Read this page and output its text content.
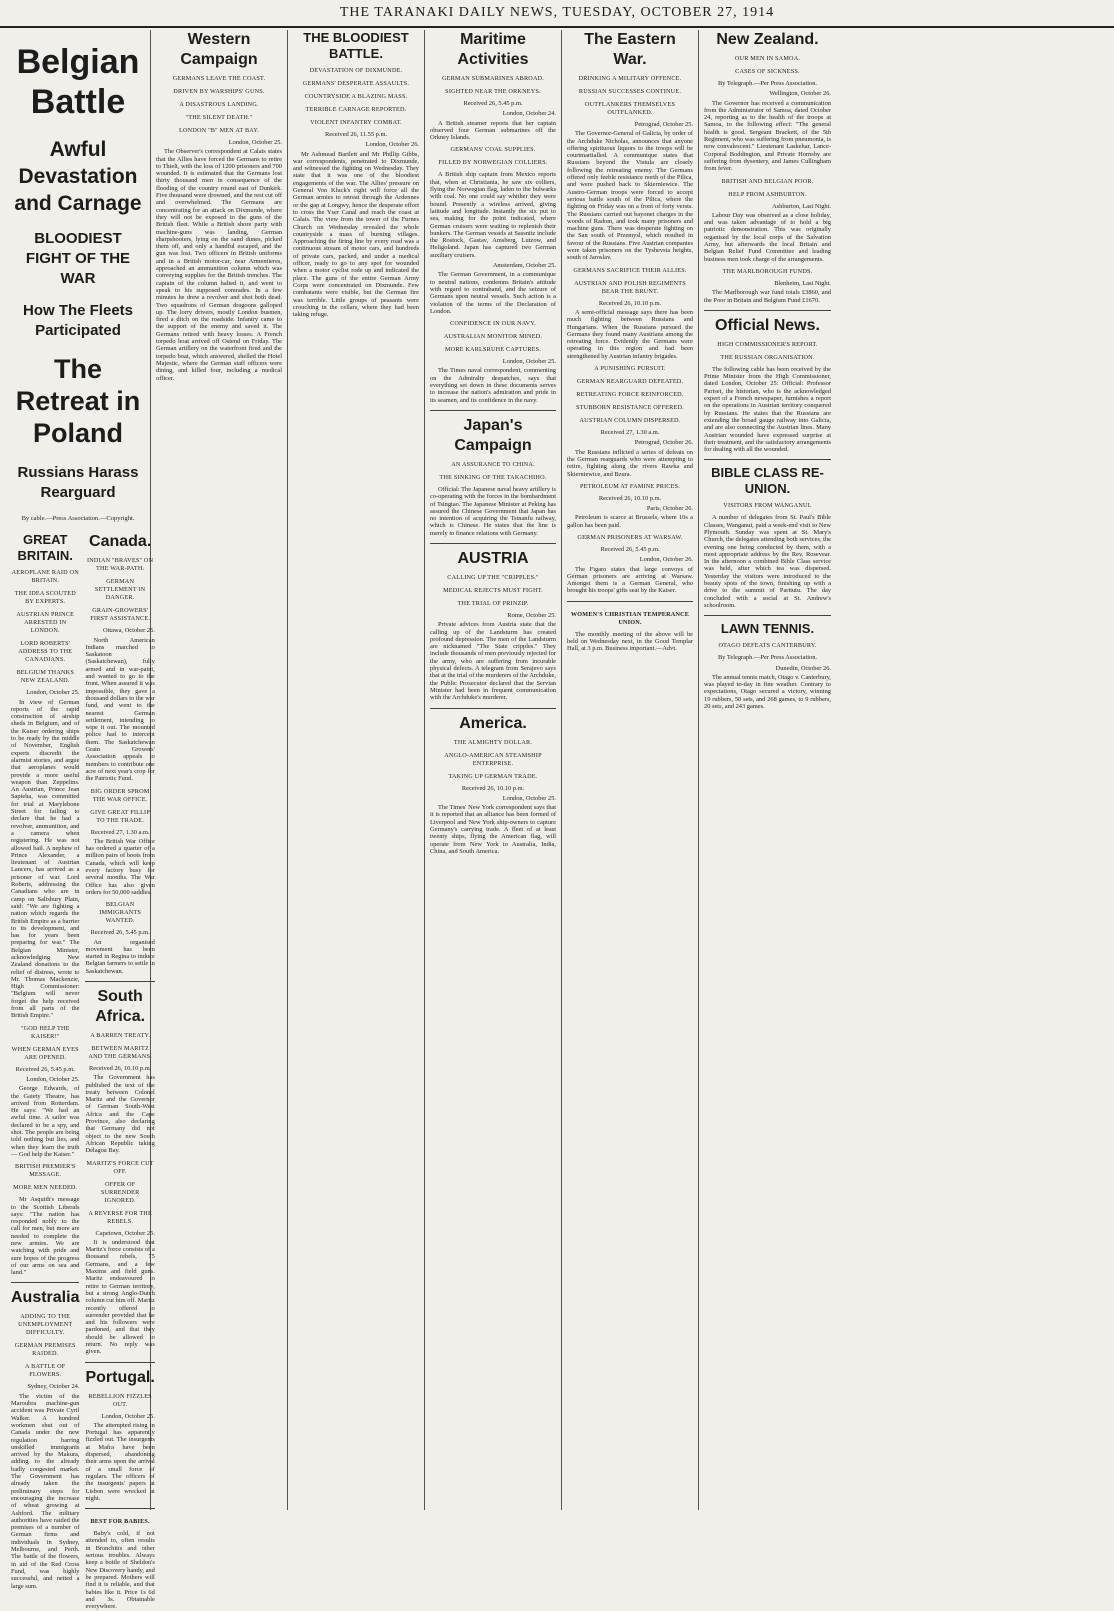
THE TARANAKI DAILY NEWS, TUESDAY, OCTOBER 27, 1914
Belgian Battle
Awful Devastation and Carnage
BLOODIEST FIGHT OF THE WAR
How The Fleets Participated
The Retreat in Poland
Russians Harass Rearguard
By cable.—Press Association.—Copyright.
GREAT BRITAIN.
AEROPLANE RAID ON BRITAIN.
THE IDEA SCOUTED BY EXPERTS.
AUSTRIAN PRINCE ARRESTED IN LONDON.
LORD ROBERTS' ADDRESS TO THE CANADIANS.
BELGIUM THANKS NEW ZEALAND.
London, October 25.

In view of German reports of the rapid construction of airship sheds in Belgium, and of the Kaiser ordering ships to be ready by the middle of November, English experts discredit the alarmist stories, and argue that aeroplanes would provide a more useful weapon than Zeppelins. An Austrian, Prince Jean Sapieha, was committed for trial at Marylebone Street for failing to declare that he had a revolver, ammunition, and a camera when registering. He was not allowed bail. A nephew of Prince Alexander, a lieutenant of Austrian Lancers, has arrived as a prisoner of war. Lord Roberts, addressing the Canadians who are in camp on Salisbury Plain, said: "We are fighting a nation which regards the British Empire as a barrier to its development, and has for years been preparing for war." The Belgian Minister, acknowledging New Zealand donations to the relief of distress, wrote to Mr. Thomas Mackenzie, High Commissioner: "Belgium will never forget the help received from all parts of the British Empire."

"GOD HELP THE KAISER!"
WHEN GERMAN EYES ARE OPENED.
Received 26, 5.45 p.m.
London, October 25.

George Edwards, of the Gaiety Theatre, has arrived from Rotterdam. He says: "We had an awful time. A sailor was declared to be a spy, and shot. The people are being told nothing but lies, and when they learn the truth — God help the Kaiser."

BRITISH PREMIER'S MESSAGE.
MORE MEN NEEDED.

Mr Asquith's message to the Scottish Liberals says: "The nation has responded nobly to the call for men, but more are needed to complete the new armies. We are watching with pride and sure hopes of the progress of our arms on sea and land."

Australia
ADDING TO THE UNEMPLOYMENT DIFFICULTY.
GERMAN PREMISES RAIDED.
A BATTLE OF FLOWERS.
Sydney, October 24.

The victim of the Maroubra machine-gun accident was Private Cyril Walker. A hundred workmen shut out of Canada under the new regulation barring unskilled immigrants arrived by the Makura, adding to the already badly congested market. The Government has already taken the preliminary steps for encouraging the increase of wheat growing at Ashford. The military authorities have raided the premises of a number of German firms and individuals in Sydney, Melbourne, and Perth. The battle of the flowers, in aid of the Red Cross Fund, was highly successful, and netted a large sum.

Canada.
INDIAN "BRAVES" ON THE WAR-PATH.
GERMAN SETTLEMENT IN DANGER.
GRAIN-GROWERS' FIRST ASSISTANCE.
Ottawa, October 25.

North American Indians marched to Saskatoon (Saskatchewan), fully armed and in war-paint, and wanted to go to the front. When assured it was impossible, they gave a thousand dollars to the war fund, and went to the nearest German settlement, intending to wipe it out. The mounted police had to intercept them. The Saskatchewan Grain Growers' Association appeals to members to contribute one acre of next year's crop for the Patriotic Fund.

BIG ORDER SPROM THE WAR OFFICE.
GIVE GREAT FILLIP TO THE TRADE.
Received 27, 1.30 a.m.

The British War Office has ordered a quarter of a million pairs of boots from Canada, which will keep every factory busy for several months. The War Office has also given orders for 50,000 saddles.

BELGIAN IMMIGRANTS WANTED.
Received 26, 5.45 p.m.

An organised movement has been started in Regina to induce Belgian farmers to settle in Saskatchewan.

South Africa.
A BARREN TREATY.
BETWEEN MARITZ AND THE GERMANS.
Received 26, 10.10 p.m.

The Government has published the text of the treaty between Colonel Maritz and the Governor of German South-West Africa and the Cape Province, also declaring that Germany did not object to the new South African Republic taking Delagoa Bay.

MARITZ'S FORCE CUT OFF.
OFFER OF SURRENDER IGNORED.
A REVERSE FOR THE REBELS.
Capetown, October 25.

It is understood that Maritz's force consists of a thousand rebels, 75 Germans, and a few Maxims and field guns. Maritz endeavoured to retire to German territory, but a strong Anglo-Dutch column cut him off. Maritz recently offered to surrender provided that he and his followers were pardoned, and that they should be allowed to return. No reply was given.

Portugal.
REBELLION FIZZLES OUT.
London, October 25.

The attempted rising in Portugal has apparently fizzled out. The insurgents at Mafra have been dispersed, abandoning their arms upon the arrival of a small force of regulars. The officers of the insurgents' papers at Lisbon were wrecked at night.

BEST FOR BABIES.

Baby's cold, if not attended to, often results in Bronchitis and other serious troubles. Always keep a bottle of Sheldon's New Discovery handy, and be prepared. Mothers will find it is reliable, and that babies like it. Price 1s 6d and 3s. Obtainable everywhere.

Western Campaign
GERMANS LEAVE THE COAST.
DRIVEN BY WARSHIPS' GUNS.
A DISASTROUS LANDING.
"THE SILENT DEATH."
LONDON "B" MEN AT BAY.
London, October 25.

The Observer's correspondent at Calais states that the Allies have forced the Germans to retire to Thielt, with the loss of 1200 prisoners and 700 wounded. It is estimated that the Germans lost thirty thousand men in consequence of the flooding of the country round east of Dunkirk. Five thousand were drowned, and the rest cut off and overwhelmed. The Germans are concentrating for an attack on Dixmunde, where they will not be exposed to the guns of the British fleet. While a British shore party with machine-guns was landing, German sharpshooters, lying on the sand dunes, picked them off, and only a handful escaped, and the gun was lost. Two officers in British uniforms and in a British motor-car, near Armentieres, approached an ammunition column which was conveying supplies for the British trenches. The captain of the column halted it, and went to speak to his supposed comrades. In a few minutes he drew a revolver and shot both dead. Two squadrons of German dragoons galloped up. The lorry drivers, mostly London busmen, fired a ditch on the roadside. Infantry came to the support of the enemy and saved it. The Germans retired with heavy losses. A French torpedo boat arrived off Ostend on Friday. The German artillery on the waterfront fired and the torpedo boat, which answered, shelled the Hotel Majestic, where the German staff officers were dining, and killed four, including a medical officer.

THE BLOODIEST BATTLE.
DEVASTATION OF DIXMUNDE.
GERMANS' DESPERATE ASSAULTS.
COUNTRYSIDE A BLAZING MASS.
TERRIBLE CARNAGE REPORTED.
VIOLENT INFANTRY COMBAT.
Received 26, 11.55 p.m.
London, October 26.

Mr Ashmead Bartlett and Mr Phillip Gibbs, war correspondents, penetrated to Dixmunde, and witnessed the fighting on Wednesday. They state that it was one of the bloodiest engagements of the war. The Allies' pressure on General Von Kluck's right will force all the German armies to retreat through the Ardennes or the gap at Longwy, hence the desperate effort to cross the Yser Canal and reach the coast at Calais. The view from the tower of the Furnes Church on Wednesday revealed the whole countryside a mass of burning villages. Approaching the firing line by every road was a continuous stream of motor cars, and hundreds of private cars, packed, and under a medical officer, ready to go to any spot for wounded when a motor cyclist rode up and indicated the place. The guns of the entire German Army Corps were concentrated on Dixmunde. Few combatants were visible, but the German fire was terrible. Little groups of peasants were crouching in the cellars, where they had been taking refuge.

Maritime Activities
GERMAN SUBMARINES ABROAD.
SIGHTED NEAR THE ORKNEYS.
Received 26, 5.45 p.m.
London, October 24.

A British steamer reports that her captain observed four German submarines off the Orkney Islands.

GERMANS' COAL SUPPLIES.
FILLED BY NORWEGIAN COLLIERS.

A British ship captain from Mexico reports that, when at Christiania, he saw six colliers, flying the Norwegian flag, laden to the bulwarks with coal. No one could say whither they were bound. Presently a wireless arrived, giving latitude and longitude. Instantly the six put to sea, making for the point indicated, where German cruisers were waiting to replenish their bunkers. The German vessels at Sassnitz include the Rostock, Gastav, Amsberg, Lutzow, and Heligoland. Japan has captured two German auxiliary cruisers.

Amsterdam, October 25.

The German Government, in a communique to neutral nations, condemns Britain's attitude with regard to contraband, and the seizure of Germans upon neutral vessels. Such action is a violation of the terms of the Declaration of London.

CONFIDENCE IN OUR NAVY.
AUSTRALIAN MONITOR MINED.
MORE KARLSRUHE CAPTURES.
London, October 25.

The Times naval correspondent, commenting on the Admiralty despatches, says that everything set down in these documents serves to increase the nation's admiration and pride in its seamen, and its confidence in the navy.

Japan's Campaign
AN ASSURANCE TO CHINA.
THE SINKING OF THE TAKACHIHO.

Official: The Japanese naval heavy artillery is co-operating with the forces in the bombardment of Tsingtao. The Japanese Minister at Peking has assured the Chinese Government that Japan has no intention of acquiring the Tsinanfu railway, which is Chinese. He states that the line is merely to finance relations with Germany.

AUSTRIA
CALLING UP THE "CRIPPLES."
MEDICAL REJECTS MUST FIGHT.
THE TRIAL OF PRINZIP.
Rome, October 25.

Private advices from Austria state that the calling up of the Landsturm has created profound depression. The men of the Landsturm are nicknamed "The State cripples." They include thousands of men previously rejected for the army, who are suffering from incurable physical defects. A telegram from Serajevo says that at the trial of the murderers of the Archduke, the Public Prosecutor declared that the Servian Minister had been in frequent communication with the Archduke's murderer.

America.
THE ALMIGHTY DOLLAR.
ANGLO-AMERICAN STEAMSHIP ENTERPRISE.
TAKING UP GERMAN TRADE.
Received 26, 10.10 p.m.
London, October 25.

The Times' New York correspondent says that it is reported that an alliance has been formed of Liverpool and New York ship-owners to capture Germany's carrying trade. A fleet of at least twenty ships, flying the American flag, will operate from New York to Australia, India, China, and South America.

The Eastern War.
DRINKING A MILITARY OFFENCE.
RUSSIAN SUCCESSES CONTINUE.
OUTFLANKERS THEMSELVES OUTFLANKED.
Petrograd, October 25.

The Governor-General of Galicia, by order of the Archduke Nicholas, announces that anyone offering spirituous liquors to the troops will be courtmartialled. A communique states that Russians beyond the Vistula are closely following the retreating enemy. The Germans offered only feeble resistance north of the Pilica, and were pushed back to Skierniewice. The Austro-German troops were forced to accept serious battle south of the Pilica, where the fighting on Friday was on a front of forty versts. The Russians carried out bayonet charges in the woods of Radom, and took many prisoners and machine guns. There was desperate fighting on the San south of Przemysl, which resulted in favour of the Russians. Five Austrian companies were taken prisoners on the Tyshevsta heights, south of Jaroslav.

GERMANS SACRIFICE THEIR ALLIES.
AUSTRIAN AND POLISH REGIMENTS BEAR THE BRUNT.
Received 26, 10.10 p.m.

A semi-official message says there has been much fighting between Russians and Hungarians. When the Russians pursued the Germans they found many Austrians among the retreating force. Evidently the Germans were operating in this region and had been strengthened by Austrian infantry brigades.

A PUNISHING PURSUIT.
GERMAN REARGUARD DEFEATED.
RETREATING FORCE REINFORCED.
STUBBORN RESISTANCE OFFERED.
AUSTRIAN COLUMN DISPERSED.
Received 27, 1.30 a.m.
Petrograd, October 26.

The Russians inflicted a series of defeats on the German rearguards who were attempting to retire, fighting along the rivers Rawka and Skierniewice, and Bzura.

PETROLEUM AT FAMINE PRICES.
Received 26, 10.10 p.m.
Paris, October 26.

Petroleum is scarce at Brussels, where 10s a gallon has been paid.

GERMAN PRISONERS AT WARSAW.
Received 26, 5.45 p.m.
London, October 26.

The Figaro states that large convoys of German prisoners are arriving at Warsaw. Amongst them is a German General, who brought his troops' gifts seat by the Kaiser.

WOMEN'S CHRISTIAN TEMPERANCE UNION.

The monthly meeting of the above will be held on Wednesday next, in the Good Templar Hall, at 3 p.m. Business important.—Advt.

New Zealand.
OUR MEN IN SAMOA.
CASES OF SICKNESS.
By Telegraph.—Per Press Association.
Wellington, October 26.

The Governor has received a communication from the Administrator of Samoa, dated October 24, reporting as to the health of the troops at Samoa, to the following effect: "The general health is good. Sergeant Brackett, of the 5th Regiment, who was suffering from pneumonia, is now convalescent." Lieutenant Laskehar, Lance-Corporal Boddington, and Private Hornsby are suffering from dysentery, and James Cullingham from fever.

BRITISH AND BELGIAN POOR.
HELP FROM ASHBURTON.
Ashburton, Last Night.

Labour Day was observed as a close holiday, and was taken advantage of to hold a big patriotic demonstration. This was originally organised by the local corps of the Salvation Army, but afterwards the local Britain and Belgian Relief Fund Committee and leading business men took charge of the arrangements.

THE MARLBOROUGH FUNDS.
Blenheim, Last Night.

The Marlborough war fund totals £3860, and the Poor in Britain and Belgium Fund £1670.

Official News.
HIGH COMMISSIONER'S REPORT.
THE RUSSIAN ORGANISATION.

The following cable has been received by the Prime Minister from the High Commissioner, dated London, October 25: Official: Professor Pariset, the historian, who is the acknowledged expert of a French newspaper, furnishes a report on the operations in Austrian territory conquered by Russians. He states that the Russians are extending the broad gauge railway into Galicia, and are also connecting the Austrian lines. Many Austrian wounded have expressed surprise at their treatment, and the satisfactory arrangements for dealing with all the wounded.

BIBLE CLASS RE-UNION.
VISITORS FROM WANGANUI.

A number of delegates from St. Paul's Bible Classes, Wanganui, paid a week-end visit to New Plymouth. Sunday was spent at St. Mary's Church, the delegates attending both services, the evening one being conducted by them, with a most appropriate address by the Rev. Rosevear. In the afternoon a combined Bible Class service was held, after which tea was dispersed. Yesterday the visitors were introduced to the beauty spots of the town, finishing up with a drive to the summit of Paritutu. The day concluded with a social at St. Andrew's schoolroom.

LAWN TENNIS.
OTAGO DEFEATS CANTERBURY.
By Telegraph.—Per Press Association.
Dunedin, October 26.

The annual tennis match, Otago v. Canterbury, was played to-day in fine weather. Contrary to expectations, Otago secured a victory, winning 19 rubbers, 50 sets, and 268 games, to 9 rubbers, 20 sets, and 243 games.
